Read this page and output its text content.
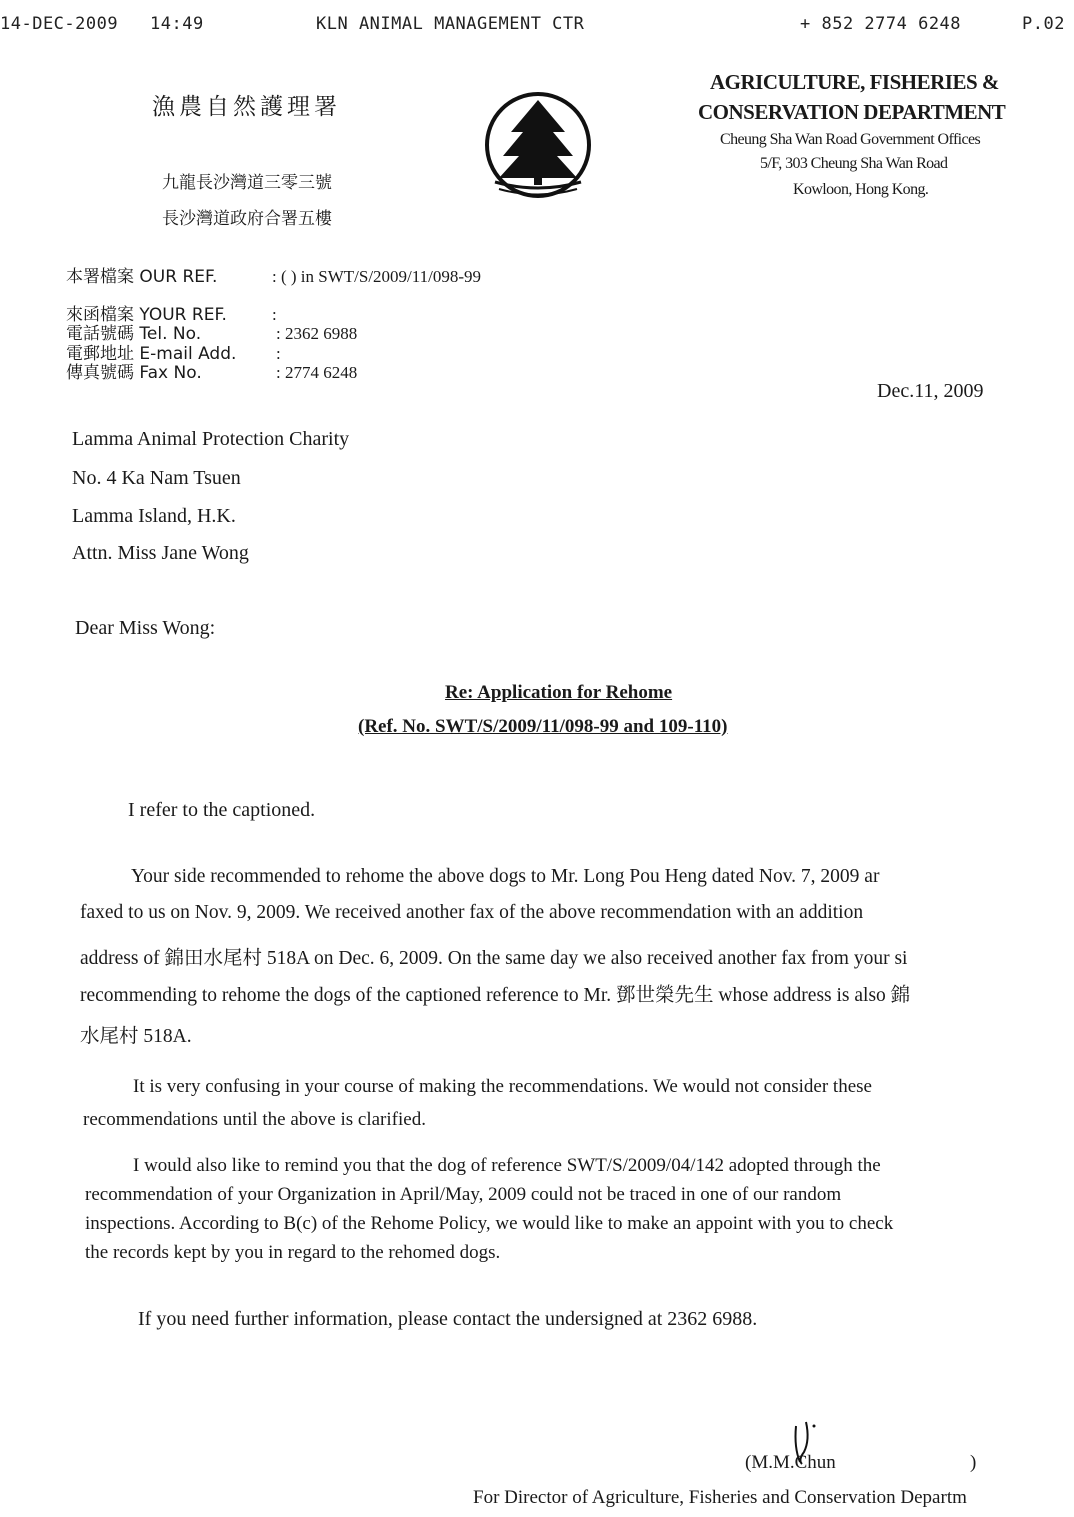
14-DEC-2009 14:49	KLN ANIMAL MANAGEMENT CTR	+ 852 2774 6248	P.02
漁農自然護理署
九龍長沙灣道三零三號
長沙灣道政府合署五樓
AGRICULTURE, FISHERIES &
CONSERVATION DEPARTMENT
Cheung Sha Wan Road Government Offices
5/F, 303 Cheung Sha Wan Road
Kowloon, Hong Kong.
本署檔案 OUR REF.	: ( ) in SWT/S/2009/11/098-99
來函檔案 YOUR REF.	:
電話號碼 Tel. No.	: 2362 6988
電郵地址 E-mail Add. :
傳真號碼 Fax No.	: 2774 6248
Dec.11, 2009
Lamma Animal Protection Charity
No. 4 Ka Nam Tsuen
Lamma Island, H.K.
Attn. Miss Jane Wong
Dear Miss Wong:
Re: Application for Rehome
(Ref. No. SWT/S/2009/11/098-99 and 109-110)
I refer to the captioned.
Your side recommended to rehome the above dogs to Mr. Long Pou Heng dated Nov. 7, 2009 ar
faxed to us on Nov. 9, 2009. We received another fax of the above recommendation with an addition
address of 錦田水尾村 518A on Dec. 6, 2009. On the same day we also received another fax from your si
recommending to rehome the dogs of the captioned reference to Mr. 鄧世榮先生 whose address is also 錦
水尾村 518A.
It is very confusing in your course of making the recommendations. We would not consider these
recommendations until the above is clarified.
I would also like to remind you that the dog of reference SWT/S/2009/04/142 adopted through the
recommendation of your Organization in April/May, 2009 could not be traced in one of our random
inspections. According to B(c) of the Rehome Policy, we would like to make an appoint with you to check
the records kept by you in regard to the rehomed dogs.
If you need further information, please contact the undersigned at 2362 6988.
(M.M.Chun	)
For Director of Agriculture, Fisheries and Conservation Departm
